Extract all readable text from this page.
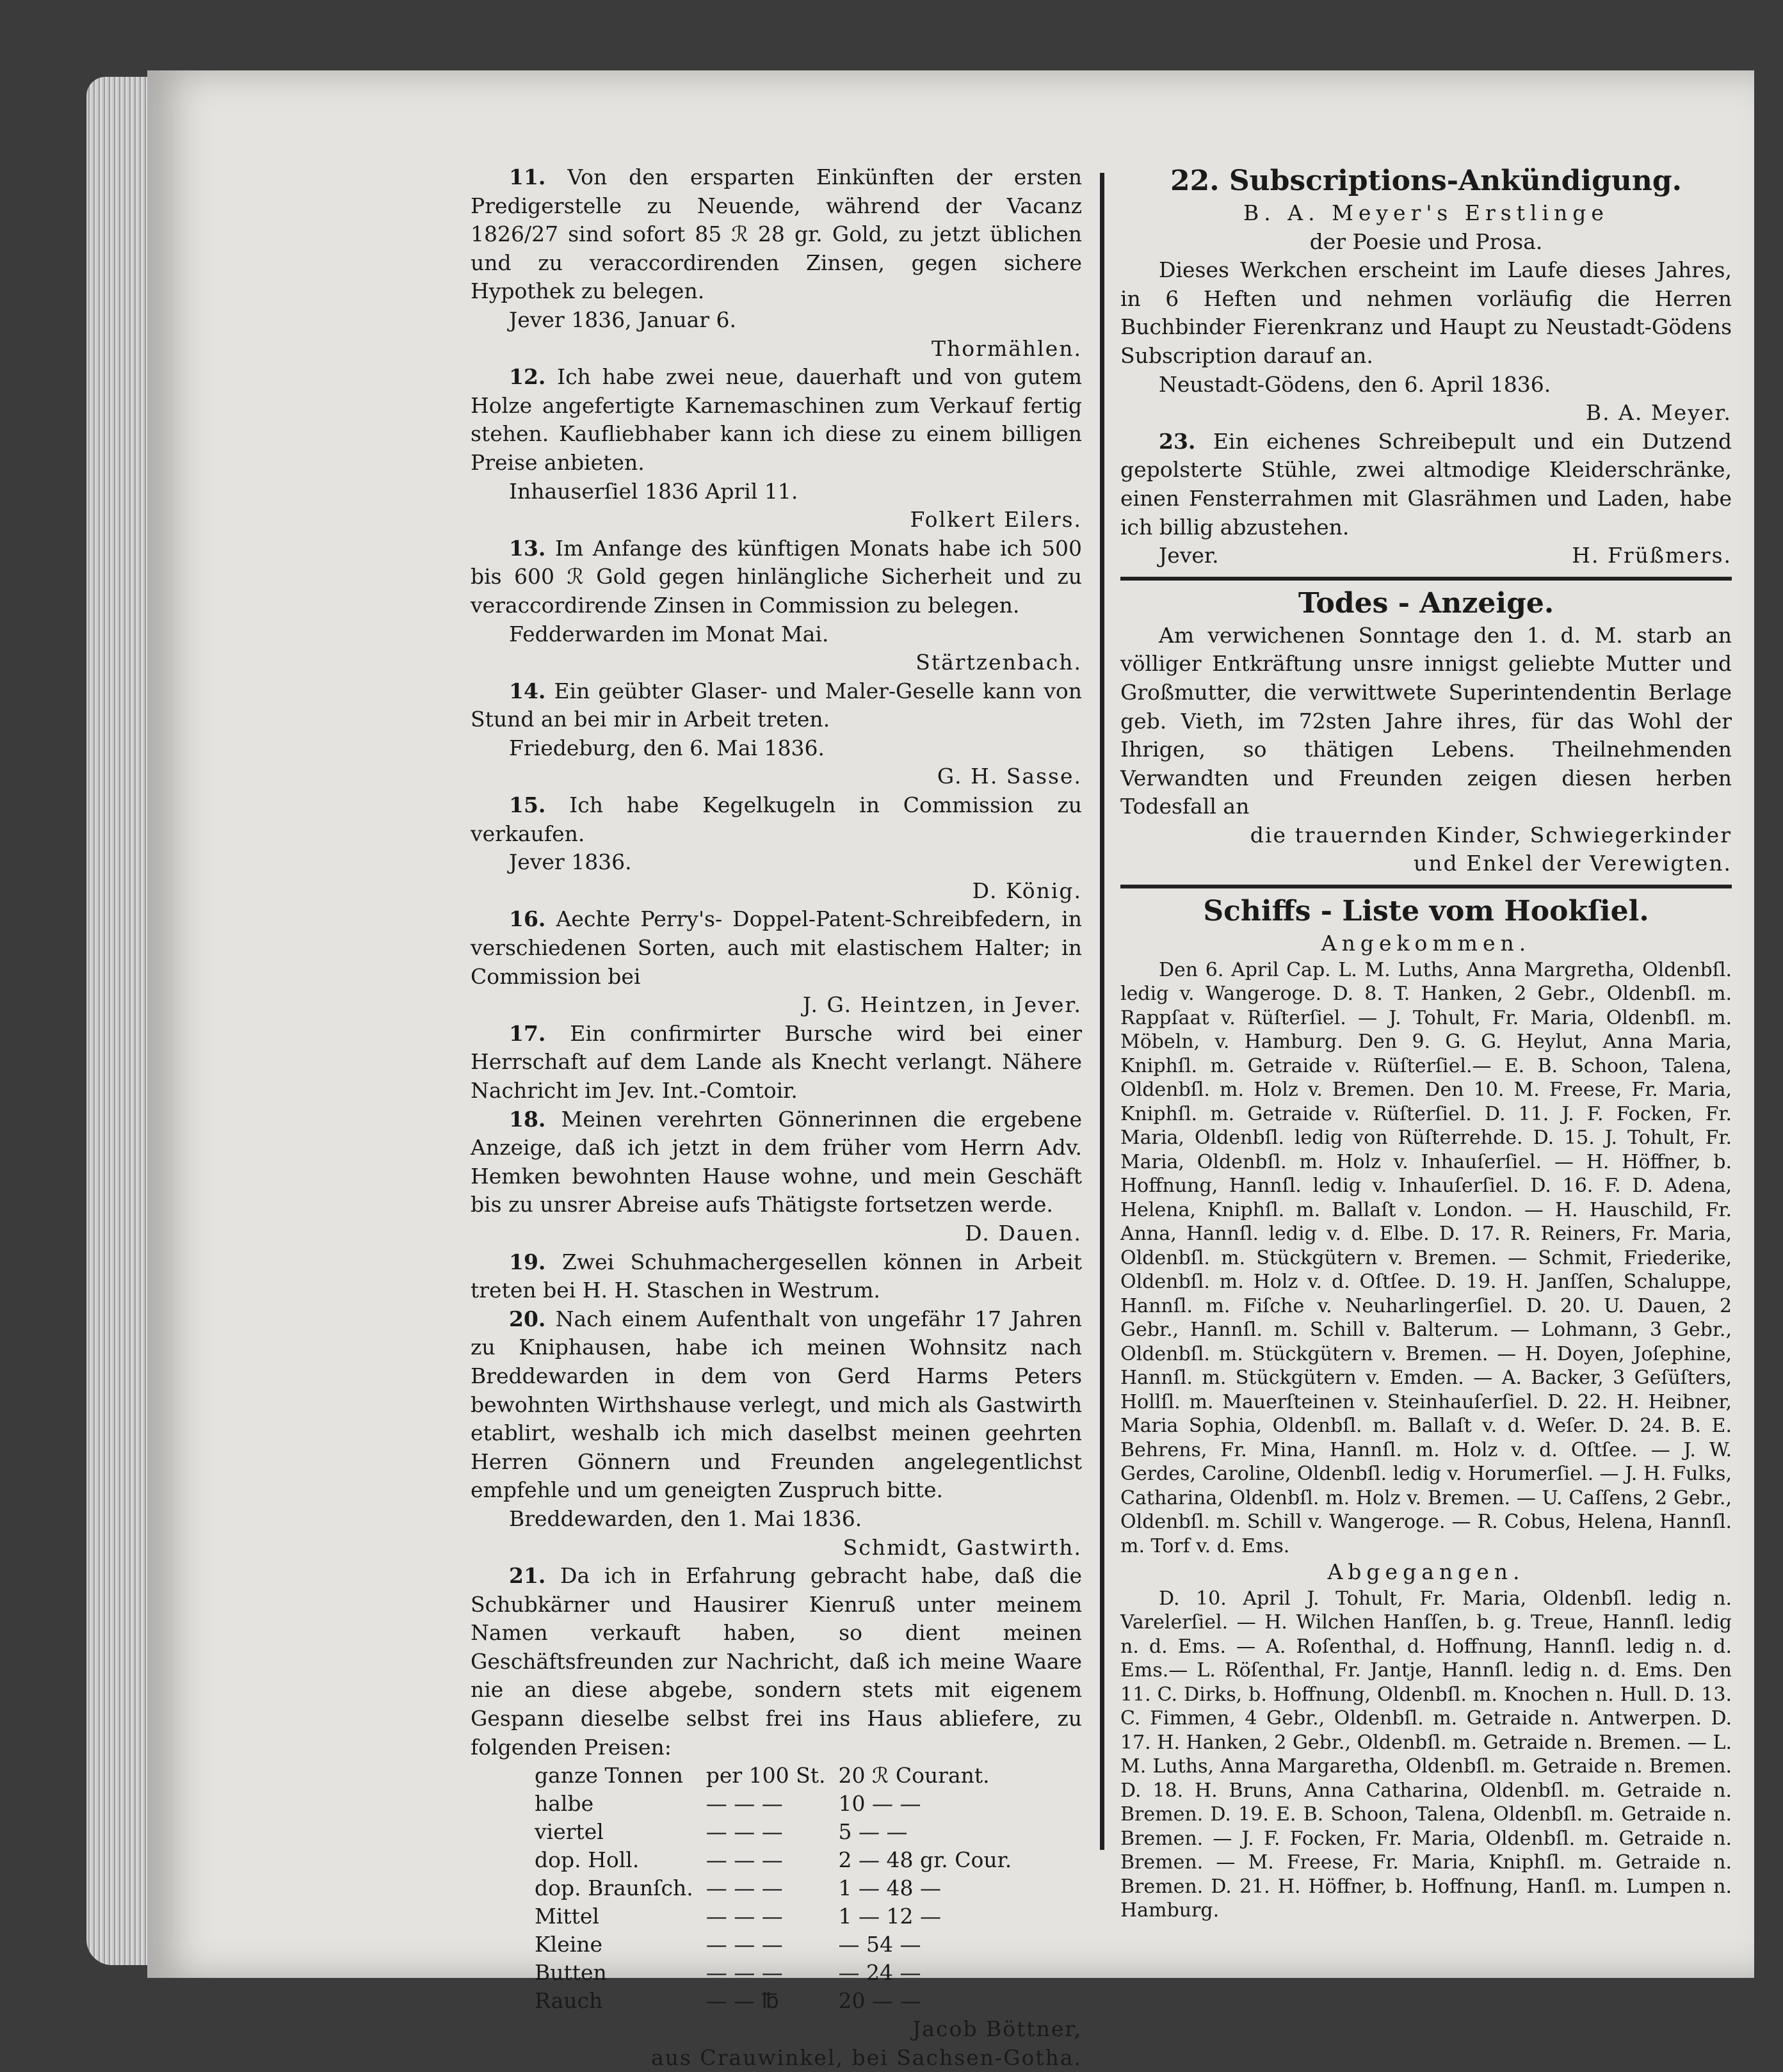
11. Von den ersparten Einkünften der ersten Predigerstelle zu Neuende, während der Vacanz 1826/27 sind sofort 85 ℛ 28 gr. Gold, zu jetzt üblichen und zu veraccordirenden Zinsen, gegen sichere Hypothek zu belegen.

Jever 1836, Januar 6.

Thormählen.

12. Ich habe zwei neue, dauerhaft und von gutem Holze angefertigte Karnemaschinen zum Verkauf fertig stehen. Kaufliebhaber kann ich diese zu einem billigen Preise anbieten.

Inhauserſiel 1836 April 11.

Folkert Eilers.

13. Im Anfange des künftigen Monats habe ich 500 bis 600 ℛ Gold gegen hinlängliche Sicherheit und zu veraccordirende Zinsen in Commission zu belegen.

Fedderwarden im Monat Mai.

Stärtzenbach.

14. Ein geübter Glaser- und Maler-Geselle kann von Stund an bei mir in Arbeit treten.

Friedeburg, den 6. Mai 1836.

G. H. Sasse.

15. Ich habe Kegelkugeln in Commission zu verkaufen.

Jever 1836.

D. König.

16. Aechte Perry's- Doppel-Patent-Schreibfedern, in verschiedenen Sorten, auch mit elastischem Halter; in Commission bei

J. G. Heintzen, in Jever.

17. Ein confirmirter Bursche wird bei einer Herrschaft auf dem Lande als Knecht verlangt. Nähere Nachricht im Jev. Int.-Comtoir.

18. Meinen verehrten Gönnerinnen die ergebene Anzeige, daß ich jetzt in dem früher vom Herrn Adv. Hemken bewohnten Hause wohne, und mein Geschäft bis zu unsrer Abreise aufs Thätigste fortsetzen werde.

D. Dauen.

19. Zwei Schuhmachergesellen können in Arbeit treten bei H. H. Staschen in Westrum.

20. Nach einem Aufenthalt von ungefähr 17 Jahren zu Kniphausen, habe ich meinen Wohnsitz nach Breddewarden in dem von Gerd Harms Peters bewohnten Wirthshause verlegt, und mich als Gastwirth etablirt, weshalb ich mich daselbst meinen geehrten Herren Gönnern und Freunden angelegentlichst empfehle und um geneigten Zuspruch bitte.

Breddewarden, den 1. Mai 1836.

Schmidt, Gastwirth.

21. Da ich in Erfahrung gebracht habe, daß die Schubkärner und Hausirer Kienruß unter meinem Namen verkauft haben, so dient meinen Geschäftsfreunden zur Nachricht, daß ich meine Waare nie an diese abgebe, sondern stets mit eigenem Gespann dieselbe selbst frei ins Haus abliefere, zu folgenden Preisen:

ganze Tonnen	per 100 St.	20 ℛ Courant.
halbe	— — —	10 — —
viertel	— — —	5 — —
dop. Holl.	— — —	2 — 48 gr. Cour.
dop. Braunſch.	— — —	1 — 48 —
Mittel	— — —	1 — 12 —
Kleine	— — —	— 54 —
Butten	— — —	— 24 —
Rauch	— — ℔	20 — —

Jacob Böttner,

aus Crauwinkel, bei Sachsen-Gotha.

22. Subscriptions-Ankündigung.

B. A. Meyer's Erstlinge

der Poesie und Prosa.

Dieses Werkchen erscheint im Laufe dieses Jahres, in 6 Heften und nehmen vorläufig die Herren Buchbinder Fierenkranz und Haupt zu Neustadt-Gödens Subscription darauf an.

Neustadt-Gödens, den 6. April 1836.

B. A. Meyer.

23. Ein eichenes Schreibepult und ein Dutzend gepolsterte Stühle, zwei altmodige Kleiderschränke, einen Fensterrahmen mit Glasrähmen und Laden, habe ich billig abzustehen.

Jever.	H. Früßmers.

Todes - Anzeige.

Am verwichenen Sonntage den 1. d. M. starb an völliger Entkräftung unsre innigst geliebte Mutter und Großmutter, die verwittwete Superintendentin Berlage geb. Vieth, im 72sten Jahre ihres, für das Wohl der Ihrigen, so thätigen Lebens. Theilnehmenden Verwandten und Freunden zeigen diesen herben Todesfall an

die trauernden Kinder, Schwiegerkinder

und Enkel der Verewigten.

Schiffs - Liste vom Hookſiel.

Angekommen.

Den 6. April Cap. L. M. Luths, Anna Margretha, Oldenbſl. ledig v. Wangeroge. D. 8. T. Hanken, 2 Gebr., Oldenbſl. m. Rappſaat v. Rüſterſiel. — J. Tohult, Fr. Maria, Oldenbſl. m. Möbeln, v. Hamburg. Den 9. G. G. Heylut, Anna Maria, Kniphſl. m. Getraide v. Rüſterſiel.— E. B. Schoon, Talena, Oldenbſl. m. Holz v. Bremen. Den 10. M. Freese, Fr. Maria, Kniphſl. m. Getraide v. Rüſterſiel. D. 11. J. F. Focken, Fr. Maria, Oldenbſl. ledig von Rüſterrehde. D. 15. J. Tohult, Fr. Maria, Oldenbſl. m. Holz v. Inhauſerſiel. — H. Höffner, b. Hoffnung, Hannſl. ledig v. Inhauſerſiel. D. 16. F. D. Adena, Helena, Kniphſl. m. Ballaſt v. London. — H. Hauschild, Fr. Anna, Hannſl. ledig v. d. Elbe. D. 17. R. Reiners, Fr. Maria, Oldenbſl. m. Stückgütern v. Bremen. — Schmit, Friederike, Oldenbſl. m. Holz v. d. Oſtſee. D. 19. H. Janſſen, Schaluppe, Hannſl. m. Fiſche v. Neuharlingerſiel. D. 20. U. Dauen, 2 Gebr., Hannſl. m. Schill v. Balterum. — Lohmann, 3 Gebr., Oldenbſl. m. Stückgütern v. Bremen. — H. Doyen, Joſephine, Hannſl. m. Stückgütern v. Emden. — A. Backer, 3 Geſüſters, Hollſl. m. Mauerſteinen v. Steinhauſerſiel. D. 22. H. Heibner, Maria Sophia, Oldenbſl. m. Ballaſt v. d. Weſer. D. 24. B. E. Behrens, Fr. Mina, Hannſl. m. Holz v. d. Oſtſee. — J. W. Gerdes, Caroline, Oldenbſl. ledig v. Horumerſiel. — J. H. Fulks, Catharina, Oldenbſl. m. Holz v. Bremen. — U. Caſſens, 2 Gebr., Oldenbſl. m. Schill v. Wangeroge. — R. Cobus, Helena, Hannſl. m. Torf v. d. Ems.

Abgegangen.

D. 10. April J. Tohult, Fr. Maria, Oldenbſl. ledig n. Varelerſiel. — H. Wilchen Hanſſen, b. g. Treue, Hannſl. ledig n. d. Ems. — A. Roſenthal, d. Hoffnung, Hannſl. ledig n. d. Ems.— L. Röſenthal, Fr. Jantje, Hannſl. ledig n. d. Ems. Den 11. C. Dirks, b. Hoffnung, Oldenbſl. m. Knochen n. Hull. D. 13. C. Fimmen, 4 Gebr., Oldenbſl. m. Getraide n. Antwerpen. D. 17. H. Hanken, 2 Gebr., Oldenbſl. m. Getraide n. Bremen. — L. M. Luths, Anna Margaretha, Oldenbſl. m. Getraide n. Bremen. D. 18. H. Bruns, Anna Catharina, Oldenbſl. m. Getraide n. Bremen. D. 19. E. B. Schoon, Talena, Oldenbſl. m. Getraide n. Bremen. — J. F. Focken, Fr. Maria, Oldenbſl. m. Getraide n. Bremen. — M. Freese, Fr. Maria, Kniphſl. m. Getraide n. Bremen. D. 21. H. Höffner, b. Hoffnung, Hanſl. m. Lumpen n. Hamburg.
